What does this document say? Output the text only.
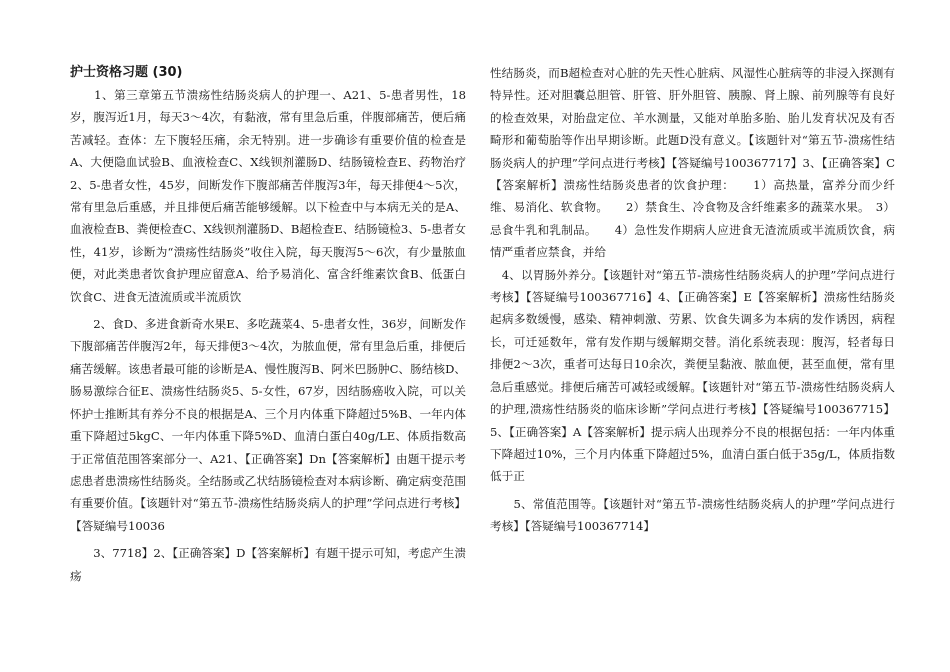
护士资格习题 (30)

　　1、第三章第五节溃疡性结肠炎病人的护理一、A21、5-患者男性，18岁，腹泻近1月，每天3～4次，有黏液，常有里急后重，伴腹部痛苦，便后痛苦减轻。查体：左下腹轻压痛，余无特别。进一步确诊有重要价值的检查是A、大便隐血试验B、血液检查C、X线钡剂灌肠D、结肠镜检查E、药物治疗2、5-患者女性，45岁，间断发作下腹部痛苦伴腹泻3年，每天排便4～5次，常有里急后重感，并且排便后痛苦能够缓解。以下检查中与本病无关的是A、血液检查B、粪便检查C、X线钡剂灌肠D、B超检查E、结肠镜检3、5-患者女性，41岁，诊断为“溃疡性结肠炎”收住入院，每天腹泻5～6次，有少量脓血便，对此类患者饮食护理应留意A、给予易消化、富含纤维素饮食B、低蛋白饮食C、进食无渣流质或半流质饮

　　2、食D、多进食新奇水果E、多吃蔬菜4、5-患者女性，36岁，间断发作下腹部痛苦伴腹泻2年，每天排便3～4次，为脓血便，常有里急后重，排便后痛苦缓解。该患者最可能的诊断是A、慢性腹泻B、阿米巴肠肿C、肠结核D、肠易激综合征E、溃疡性结肠炎5、5-女性，67岁，因结肠癌收入院，可以关怀护士推断其有养分不良的根据是A、三个月内体重下降超过5%B、一年内体重下降超过5kgC、一年内体重下降5%D、血清白蛋白40g/LE、体质指数高于正常值范围答案部分一、A21、【正确答案】Dn【答案解析】由题干提示考虑患者患溃疡性结肠炎。全结肠或乙状结肠镜检查对本病诊断、确定病变范围有重要价值。【该题针对“第五节-溃疡性结肠炎病人的护理”学问点进行考核】【答疑编号10036

　　3、7718】2、【正确答案】D【答案解析】有题干提示可知，考虑产生溃疡

性结肠炎，而B超检查对心脏的先天性心脏病、风湿性心脏病等的非浸入探测有特异性。还对胆囊总胆管、肝管、肝外胆管、胰腺、肾上腺、前列腺等有良好的检查效果，对胎盘定位、羊水测量，又能对单胎多胎、胎儿发育状况及有否畸形和葡萄胎等作出早期诊断。此题D没有意义。【该题针对“第五节-溃疡性结肠炎病人的护理”学问点进行考核】【答疑编号100367717】3、【正确答案】C【答案解析】溃疡性结肠炎患者的饮食护理：　　1）高热量，富养分而少纤维、易消化、软食物。　　2）禁食生、冷食物及含纤维素多的蔬菜水果。　3）忌食牛乳和乳制品。　　4）急性发作期病人应进食无渣流质或半流质饮食，病情严重者应禁食，并给

　4、以胃肠外养分。【该题针对“第五节-溃疡性结肠炎病人的护理”学问点进行考核】【答疑编号100367716】4、【正确答案】E【答案解析】溃疡性结肠炎起病多数缓慢，感染、精神刺激、劳累、饮食失调多为本病的发作诱因，病程长，可迁延数年，常有发作期与缓解期交替。消化系统表现：腹泻，轻者每日排便2～3次，重者可达每日10余次，粪便呈黏液、脓血便，甚至血便，常有里急后重感觉。排便后痛苦可减轻或缓解。【该题针对“第五节-溃疡性结肠炎病人的护理,溃疡性结肠炎的临床诊断”学问点进行考核】【答疑编号100367715】5、【正确答案】A【答案解析】提示病人出现养分不良的根据包括：一年内体重下降超过10%，三个月内体重下降超过5%，血清白蛋白低于35g/L，体质指数低于正

　　5、常值范围等。【该题针对“第五节-溃疡性结肠炎病人的护理”学问点进行考核】【答疑编号100367714】
